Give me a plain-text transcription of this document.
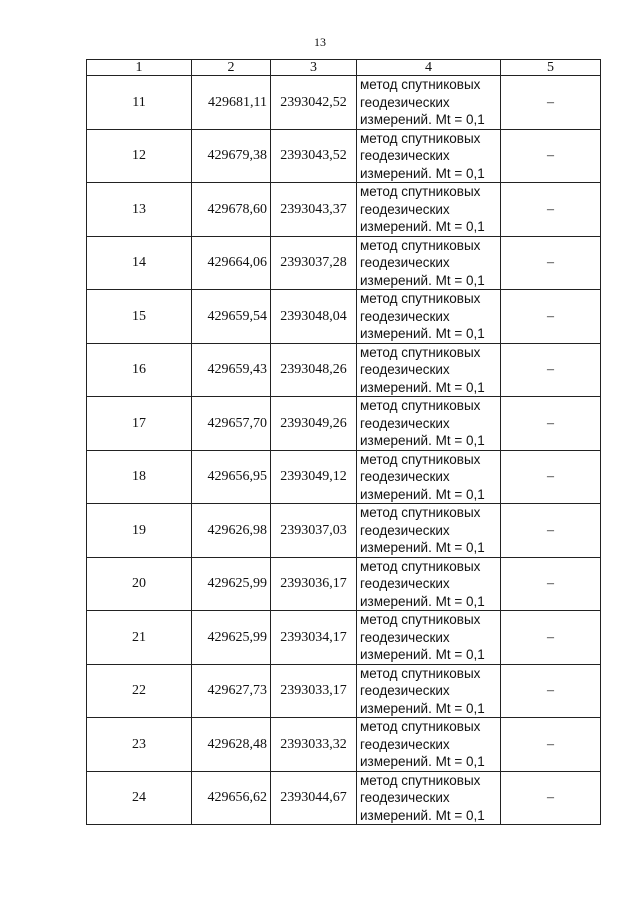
13
1	2	3	4	5
11	429681,11	2393042,52	метод спутниковых
геодезических
измерений. Mt = 0,1	–
12	429679,38	2393043,52	метод спутниковых
геодезических
измерений. Mt = 0,1	–
13	429678,60	2393043,37	метод спутниковых
геодезических
измерений. Mt = 0,1	–
14	429664,06	2393037,28	метод спутниковых
геодезических
измерений. Mt = 0,1	–
15	429659,54	2393048,04	метод спутниковых
геодезических
измерений. Mt = 0,1	–
16	429659,43	2393048,26	метод спутниковых
геодезических
измерений. Mt = 0,1	–
17	429657,70	2393049,26	метод спутниковых
геодезических
измерений. Mt = 0,1	–
18	429656,95	2393049,12	метод спутниковых
геодезических
измерений. Mt = 0,1	–
19	429626,98	2393037,03	метод спутниковых
геодезических
измерений. Mt = 0,1	–
20	429625,99	2393036,17	метод спутниковых
геодезических
измерений. Mt = 0,1	–
21	429625,99	2393034,17	метод спутниковых
геодезических
измерений. Mt = 0,1	–
22	429627,73	2393033,17	метод спутниковых
геодезических
измерений. Mt = 0,1	–
23	429628,48	2393033,32	метод спутниковых
геодезических
измерений. Mt = 0,1	–
24	429656,62	2393044,67	метод спутниковых
геодезических
измерений. Mt = 0,1	–
